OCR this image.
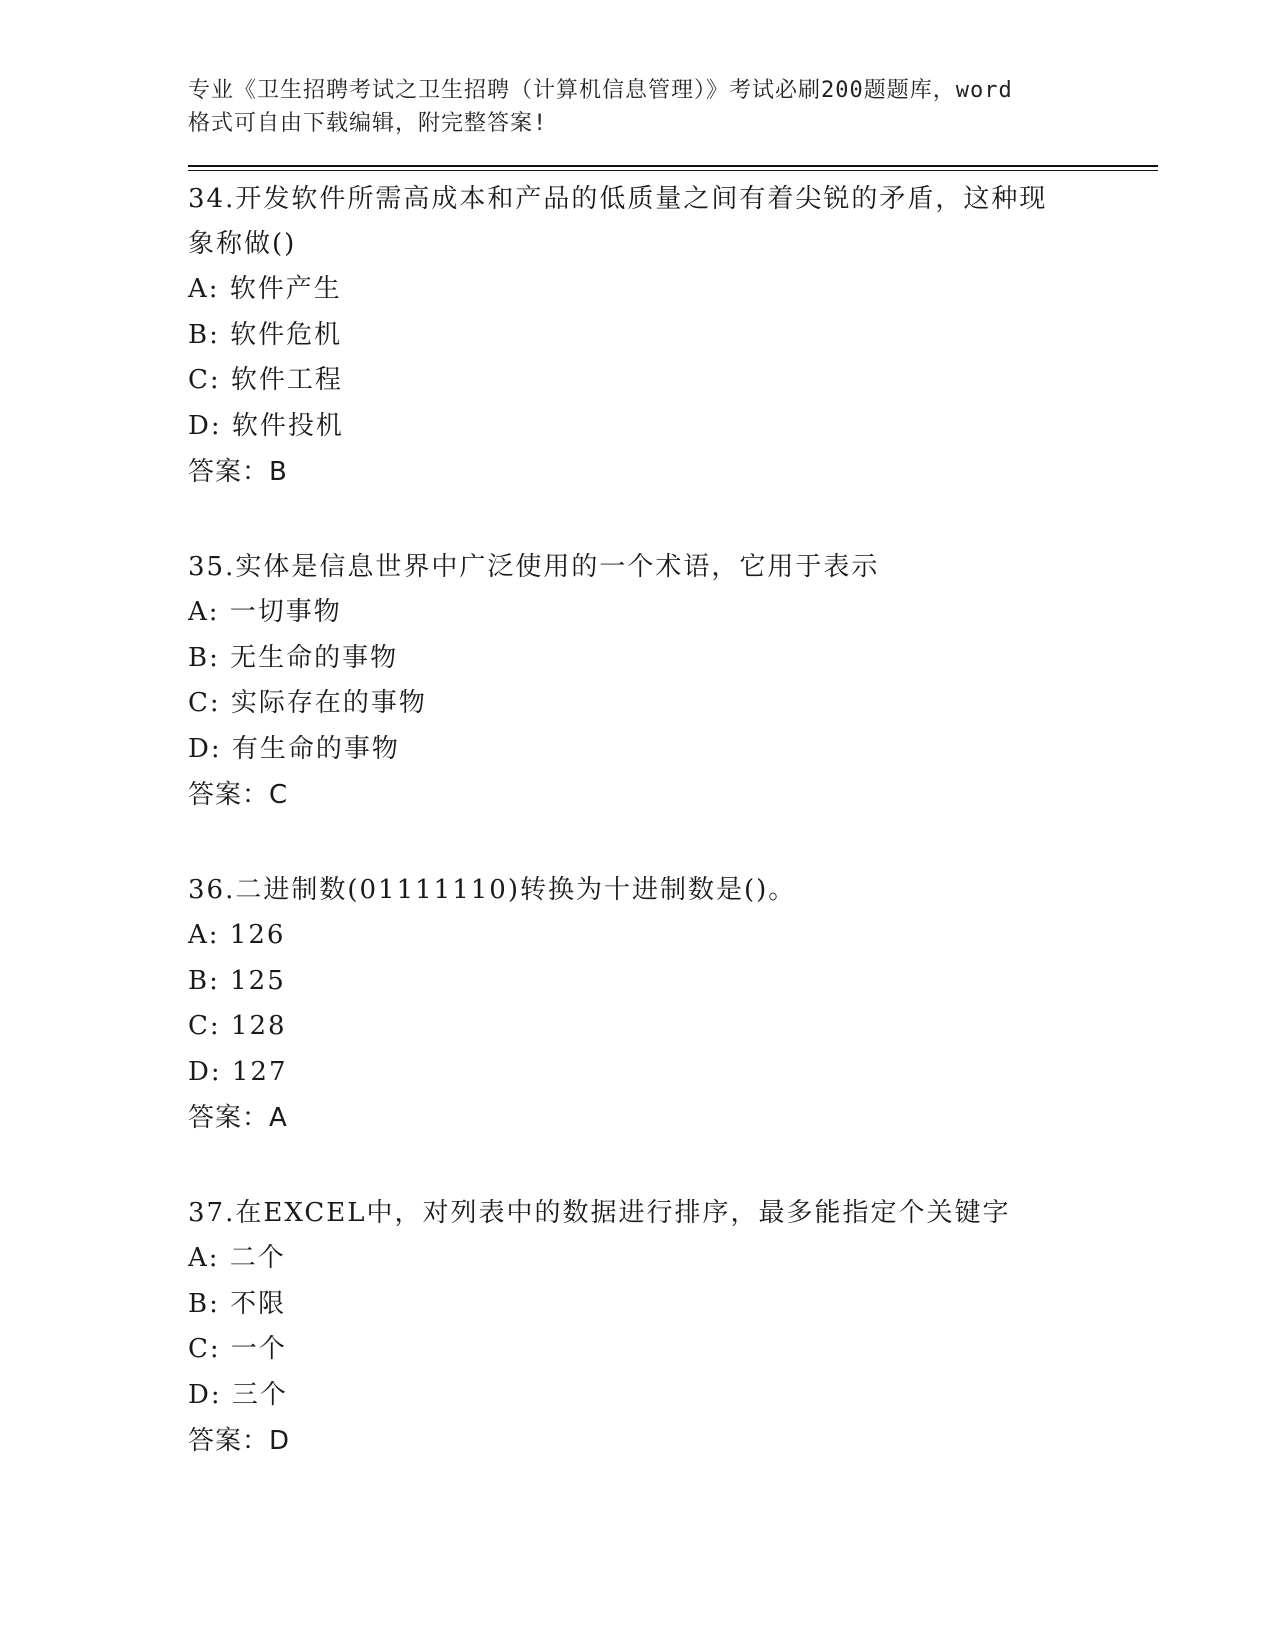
专业《卫生招聘考试之卫生招聘（计算机信息管理）》考试必刷200题题库，word
格式可自由下载编辑，附完整答案!
34.开发软件所需高成本和产品的低质量之间有着尖锐的矛盾，这种现
象称做()
A: 软件产生
B: 软件危机
C: 软件工程
D: 软件投机
答案：B
35.实体是信息世界中广泛使用的一个术语，它用于表示
A: 一切事物
B: 无生命的事物
C: 实际存在的事物
D: 有生命的事物
答案：C
36.二进制数(01111110)转换为十进制数是()。
A: 126
B: 125
C: 128
D: 127
答案：A
37.在EXCEL中，对列表中的数据进行排序，最多能指定个关键字
A: 二个
B: 不限
C: 一个
D: 三个
答案：D
